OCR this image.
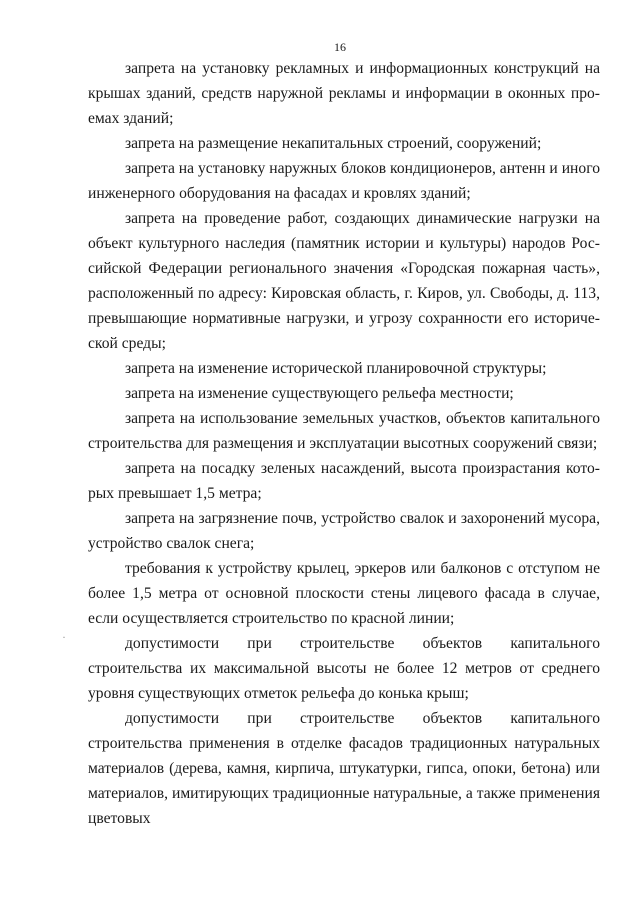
16
·

запрета на установку рекламных и информационных конструкций на крышах зданий, средств наружной рекламы и информации в оконных проемах зданий;

запрета на размещение некапитальных строений, сооружений;

запрета на установку наружных блоков кондиционеров, антенн и иного инженерного оборудования на фасадах и кровлях зданий;

запрета на проведение работ, создающих динамические нагрузки на объект культурного наследия (памятник истории и культуры) народов Российской Федерации регионального значения «Городская пожарная часть», расположенный по адресу: Кировская область, г. Киров, ул. Свободы, д. 113, превышающие нормативные нагрузки, и угрозу сохранности его исторической среды;

запрета на изменение исторической планировочной структуры;

запрета на изменение существующего рельефа местности;

запрета на использование земельных участков, объектов капитального строительства для размещения и эксплуатации высотных сооружений связи;

запрета на посадку зеленых насаждений, высота произрастания которых превышает 1,5 метра;

запрета на загрязнение почв, устройство свалок и захоронений мусора, устройство свалок снега;

требования к устройству крылец, эркеров или балконов с отступом не более 1,5 метра от основной плоскости стены лицевого фасада в случае, если осуществляется строительство по красной линии;

допустимости при строительстве объектов капитального строительства их максимальной высоты не более 12 метров от среднего уровня существующих отметок рельефа до конька крыш;

допустимости при строительстве объектов капитального строительства применения в отделке фасадов традиционных натуральных материалов (дерева, камня, кирпича, штукатурки, гипса, опоки, бетона) или материалов, имитирующих традиционные натуральные, а также применения цветовых
